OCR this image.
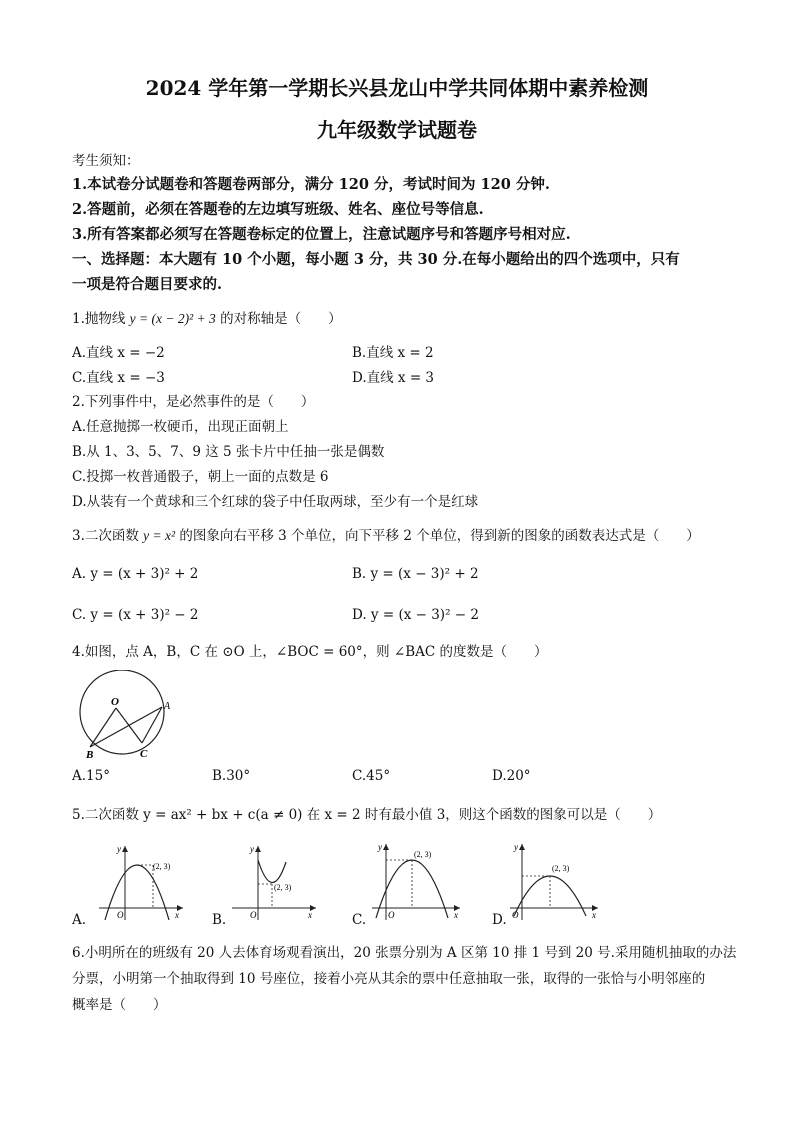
2024 学年第一学期长兴县龙山中学共同体期中素养检测
九年级数学试题卷
考生须知：
1.本试卷分试题卷和答题卷两部分，满分 120 分，考试时间为 120 分钟.
2.答题前，必须在答题卷的左边填写班级、姓名、座位号等信息.
3.所有答案都必须写在答题卷标定的位置上，注意试题序号和答题序号相对应.
一、选择题：本大题有 10 个小题，每小题 3 分，共 30 分.在每小题给出的四个选项中，只有
一项是符合题目要求的.
1.抛物线 y = (x − 2)² + 3 的对称轴是（　　）
A.直线 x = −2	B.直线 x = 2
C.直线 x = −3	D.直线 x = 3
2.下列事件中，是必然事件的是（　　）
A.任意抛掷一枚硬币，出现正面朝上
B.从 1、3、5、7、9 这 5 张卡片中任抽一张是偶数
C.投掷一枚普通骰子，朝上一面的点数是 6
D.从装有一个黄球和三个红球的袋子中任取两球，至少有一个是红球
3.二次函数 y = x² 的图象向右平移 3 个单位，向下平移 2 个单位，得到新的图象的函数表达式是（　　）
A. y = (x + 3)² + 2	B. y = (x − 3)² + 2
C. y = (x + 3)² − 2	D. y = (x − 3)² − 2
4.如图，点 A，B，C 在 ⊙O 上，∠BOC = 60°，则 ∠BAC 的度数是（　　）
O	A
B	C
A.15°	B.30°	C.45°	D.20°
5.二次函数 y = ax² + bx + c(a ≠ 0) 在 x = 2 时有最小值 3，则这个函数的图象可以是（　　）
y
x
O
(2, 3)
A.
y
x
O
(2, 3)
B.
y
x
O
(2, 3)
C.
y
x
O
(2, 3)
D.
6.小明所在的班级有 20 人去体育场观看演出，20 张票分别为 A 区第 10 排 1 号到 20 号.采用随机抽取的办法
分票，小明第一个抽取得到 10 号座位，接着小亮从其余的票中任意抽取一张，取得的一张恰与小明邻座的
概率是（　　）
